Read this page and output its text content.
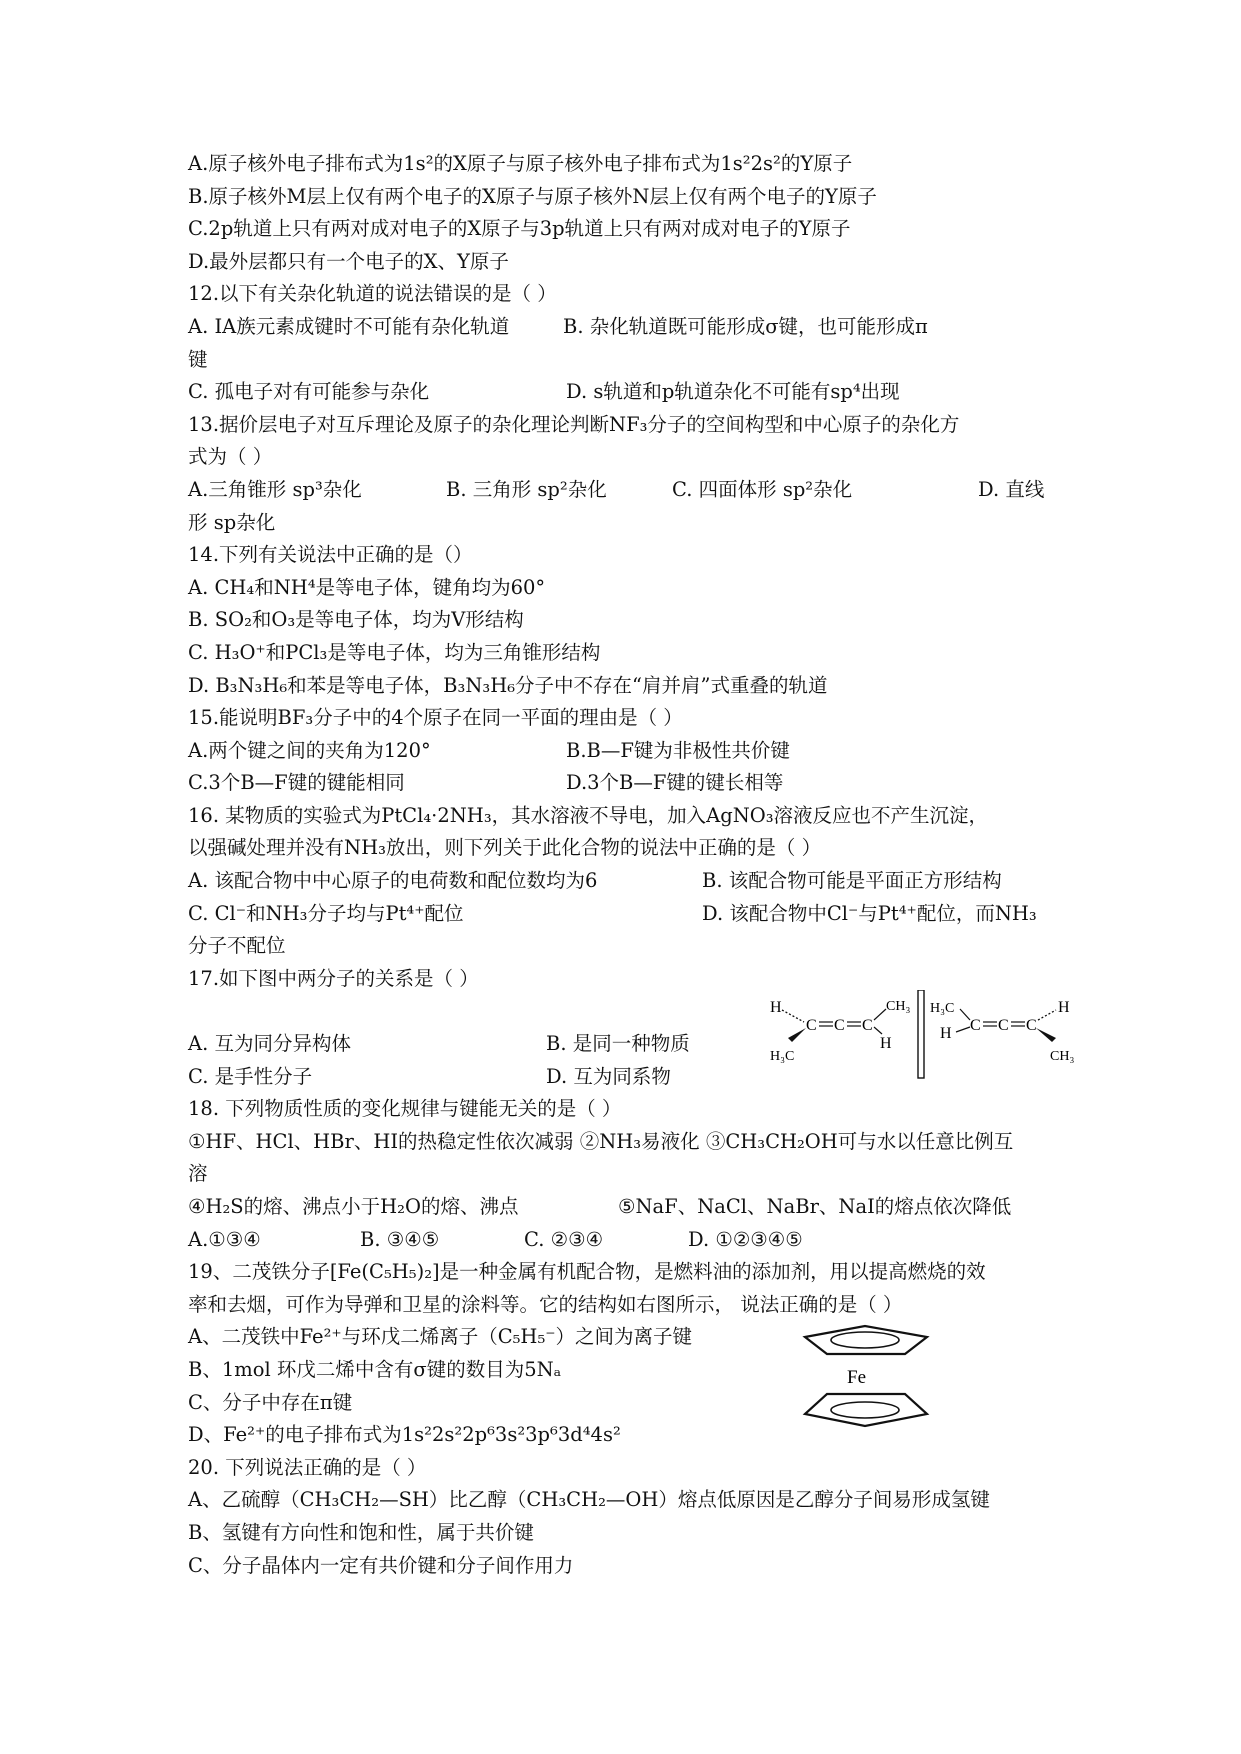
A.原子核外电子排布式为1s²的X原子与原子核外电子排布式为1s²2s²的Y原子
B.原子核外M层上仅有两个电子的X原子与原子核外N层上仅有两个电子的Y原子
C.2p轨道上只有两对成对电子的X原子与3p轨道上只有两对成对电子的Y原子
D.最外层都只有一个电子的X、Y原子
12.以下有关杂化轨道的说法错误的是（ ）
A. ⅠA族元素成键时不可能有杂化轨道	B. 杂化轨道既可能形成σ键，也可能形成π
键
C. 孤电子对有可能参与杂化	D. s轨道和p轨道杂化不可能有sp⁴出现
13.据价层电子对互斥理论及原子的杂化理论判断NF₃分子的空间构型和中心原子的杂化方
式为（ ）
A.三角锥形 sp³杂化	B. 三角形 sp²杂化	C. 四面体形 sp²杂化	D. 直线
形 sp杂化
14.下列有关说法中正确的是（）
A. CH₄和NH⁴是等电子体，键角均为60°
B. SO₂和O₃是等电子体，均为V形结构
C. H₃O⁺和PCl₃是等电子体，均为三角锥形结构
D. B₃N₃H₆和苯是等电子体，B₃N₃H₆分子中不存在“肩并肩”式重叠的轨道
15.能说明BF₃分子中的4个原子在同一平面的理由是（ ）
A.两个键之间的夹角为120°	B.B—F键为非极性共价键
C.3个B—F键的键能相同	D.3个B—F键的键长相等
16. 某物质的实验式为PtCl₄·2NH₃，其水溶液不导电，加入AgNO₃溶液反应也不产生沉淀，
以强碱处理并没有NH₃放出，则下列关于此化合物的说法中正确的是（ ）
A. 该配合物中中心原子的电荷数和配位数均为6	B. 该配合物可能是平面正方形结构
C. Cl⁻和NH₃分子均与Pt⁴⁺配位	D. 该配合物中Cl⁻与Pt⁴⁺配位，而NH₃
分子不配位
17.如下图中两分子的关系是（ ）
A. 互为同分异构体	B. 是同一种物质
C. 是手性分子	D. 互为同系物
18. 下列物质性质的变化规律与键能无关的是（ ）
①HF、HCl、HBr、HI的热稳定性依次减弱 ②NH₃易液化 ③CH₃CH₂OH可与水以任意比例互
溶
④H₂S的熔、沸点小于H₂O的熔、沸点	⑤NaF、NaCl、NaBr、NaI的熔点依次降低
A.①③④	B. ③④⑤	C. ②③④	D. ①②③④⑤
19、二茂铁分子[Fe(C₅H₅)₂]是一种金属有机配合物，是燃料油的添加剂，用以提高燃烧的效
率和去烟，可作为导弹和卫星的涂料等。它的结构如右图所示， 说法正确的是（ ）
A、二茂铁中Fe²⁺与环戊二烯离子（C₅H₅⁻）之间为离子键
B、1mol 环戊二烯中含有σ键的数目为5Nₐ
C、分子中存在π键
D、Fe²⁺的电子排布式为1s²2s²2p⁶3s²3p⁶3d⁴4s²
20. 下列说法正确的是（ ）
A、乙硫醇（CH₃CH₂—SH）比乙醇（CH₃CH₂—OH）熔点低原因是乙醇分子间易形成氢键
B、氢键有方向性和饱和性，属于共价键
C、分子晶体内一定有共价键和分子间作用力
H
C C C
CH₃
H
H₃C
H₃C
H C C C
H
CH₃
Fe
